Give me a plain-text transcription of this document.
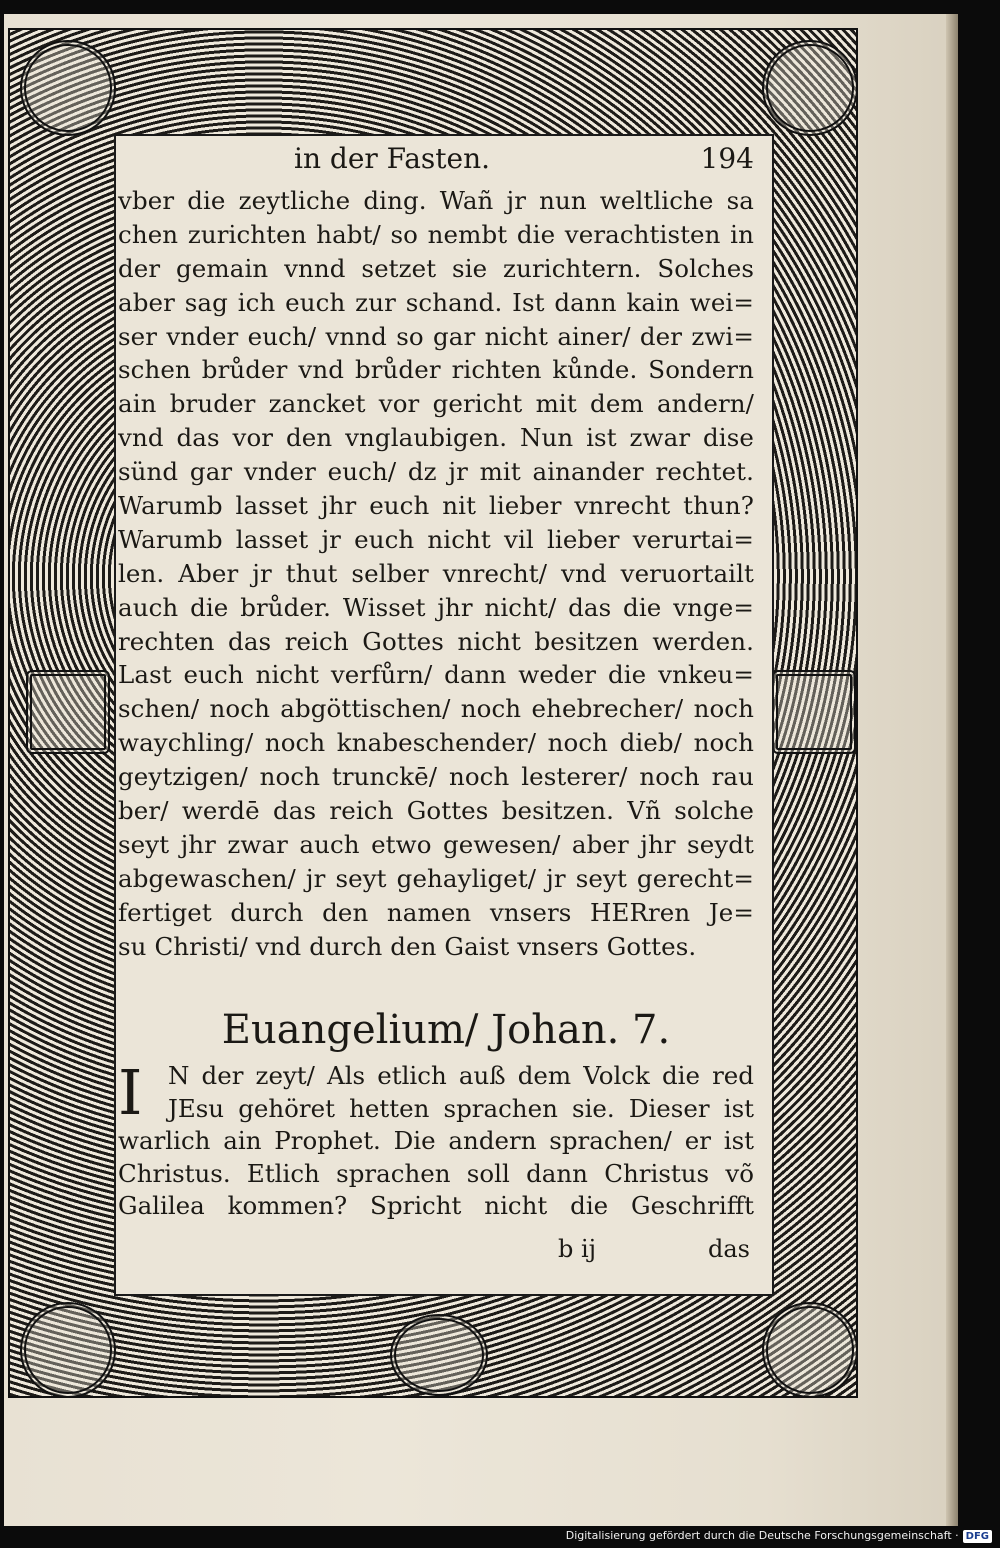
in der Fasten.	194
vber die zeytliche ding. Wañ jr nun weltliche sa
chen zurichten habt/ so nembt die verachtisten in
der gemain vnnd setzet sie zurichtern. Solches
aber sag ich euch zur schand. Ist dann kain wei=
ser vnder euch/ vnnd so gar nicht ainer/ der zwi=
schen brůder vnd brůder richten kůnde. Sondern
ain bruder zancket vor gericht mit dem andern/
vnd das vor den vnglaubigen. Nun ist zwar dise
sünd gar vnder euch/ dz jr mit ainander rechtet.
Warumb lasset jhr euch nit lieber vnrecht thun?
Warumb lasset jr euch nicht vil lieber verurtai=
len. Aber jr thut selber vnrecht/ vnd veruortailt
auch die brůder. Wisset jhr nicht/ das die vnge=
rechten das reich Gottes nicht besitzen werden.
Last euch nicht verfůrn/ dann weder die vnkeu=
schen/ noch abgöttischen/ noch ehebrecher/ noch
waychling/ noch knabeschender/ noch dieb/ noch
geytzigen/ noch trunckē/ noch lesterer/ noch rau
ber/ werdē das reich Gottes besitzen. Vñ solche
seyt jhr zwar auch etwo gewesen/ aber jhr seydt
abgewaschen/ jr seyt gehayliget/ jr seyt gerecht=
fertiget durch den namen vnsers HERren Je=
su Christi/ vnd durch den Gaist vnsers Gottes.
Euangelium/ Johan. 7.
I	N der zeyt/ Als etlich auß dem Volck die red
JEsu gehöret hetten sprachen sie. Dieser ist
warlich ain Prophet. Die andern sprachen/ er ist
Christus. Etlich sprachen soll dann Christus võ
Galilea kommen? Spricht nicht die Geschrifft
b ij	das
Digitalisierung gefördert durch die Deutsche Forschungsgemeinschaft · DFG
